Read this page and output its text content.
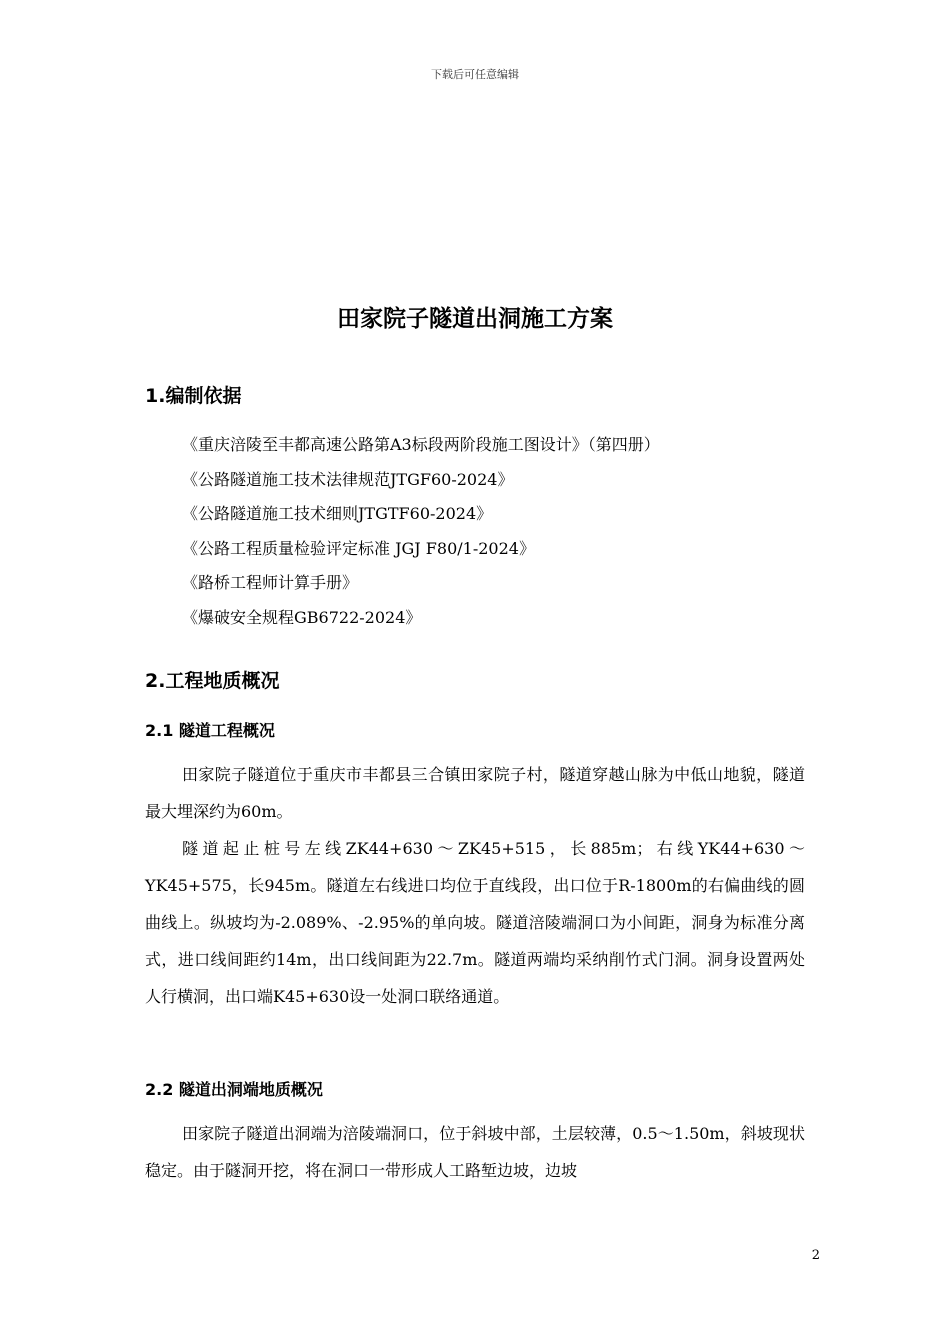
下载后可任意编辑
田家院子隧道出洞施工方案
1.编制依据
《重庆涪陵至丰都高速公路第A3标段两阶段施工图设计》（第四册）
《公路隧道施工技术法律规范JTGF60-2024》
《公路隧道施工技术细则JTGTF60-2024》
《公路工程质量检验评定标准 JGJ F80/1-2024》
《路桥工程师计算手册》
《爆破安全规程GB6722-2024》
2.工程地质概况
2.1 隧道工程概况

田家院子隧道位于重庆市丰都县三合镇田家院子村，隧道穿越山脉为中低山地貌，隧道最大埋深约为60m。

隧道起止桩号左线ZK44+630～ZK45+515，长885m；右线YK44+630～YK45+575，长945m。隧道左右线进口均位于直线段，出口位于R-1800m的右偏曲线的圆曲线上。纵坡均为-2.089%、-2.95%的单向坡。隧道涪陵端洞口为小间距，洞身为标准分离式，进口线间距约14m，出口线间距为22.7m。隧道两端均采纳削竹式门洞。洞身设置两处人行横洞，出口端K45+630设一处洞口联络通道。

2.2 隧道出洞端地质概况

田家院子隧道出洞端为涪陵端洞口，位于斜坡中部，土层较薄，0.5～1.50m，斜坡现状稳定。由于隧洞开挖，将在洞口一带形成人工路堑边坡，边坡

2
